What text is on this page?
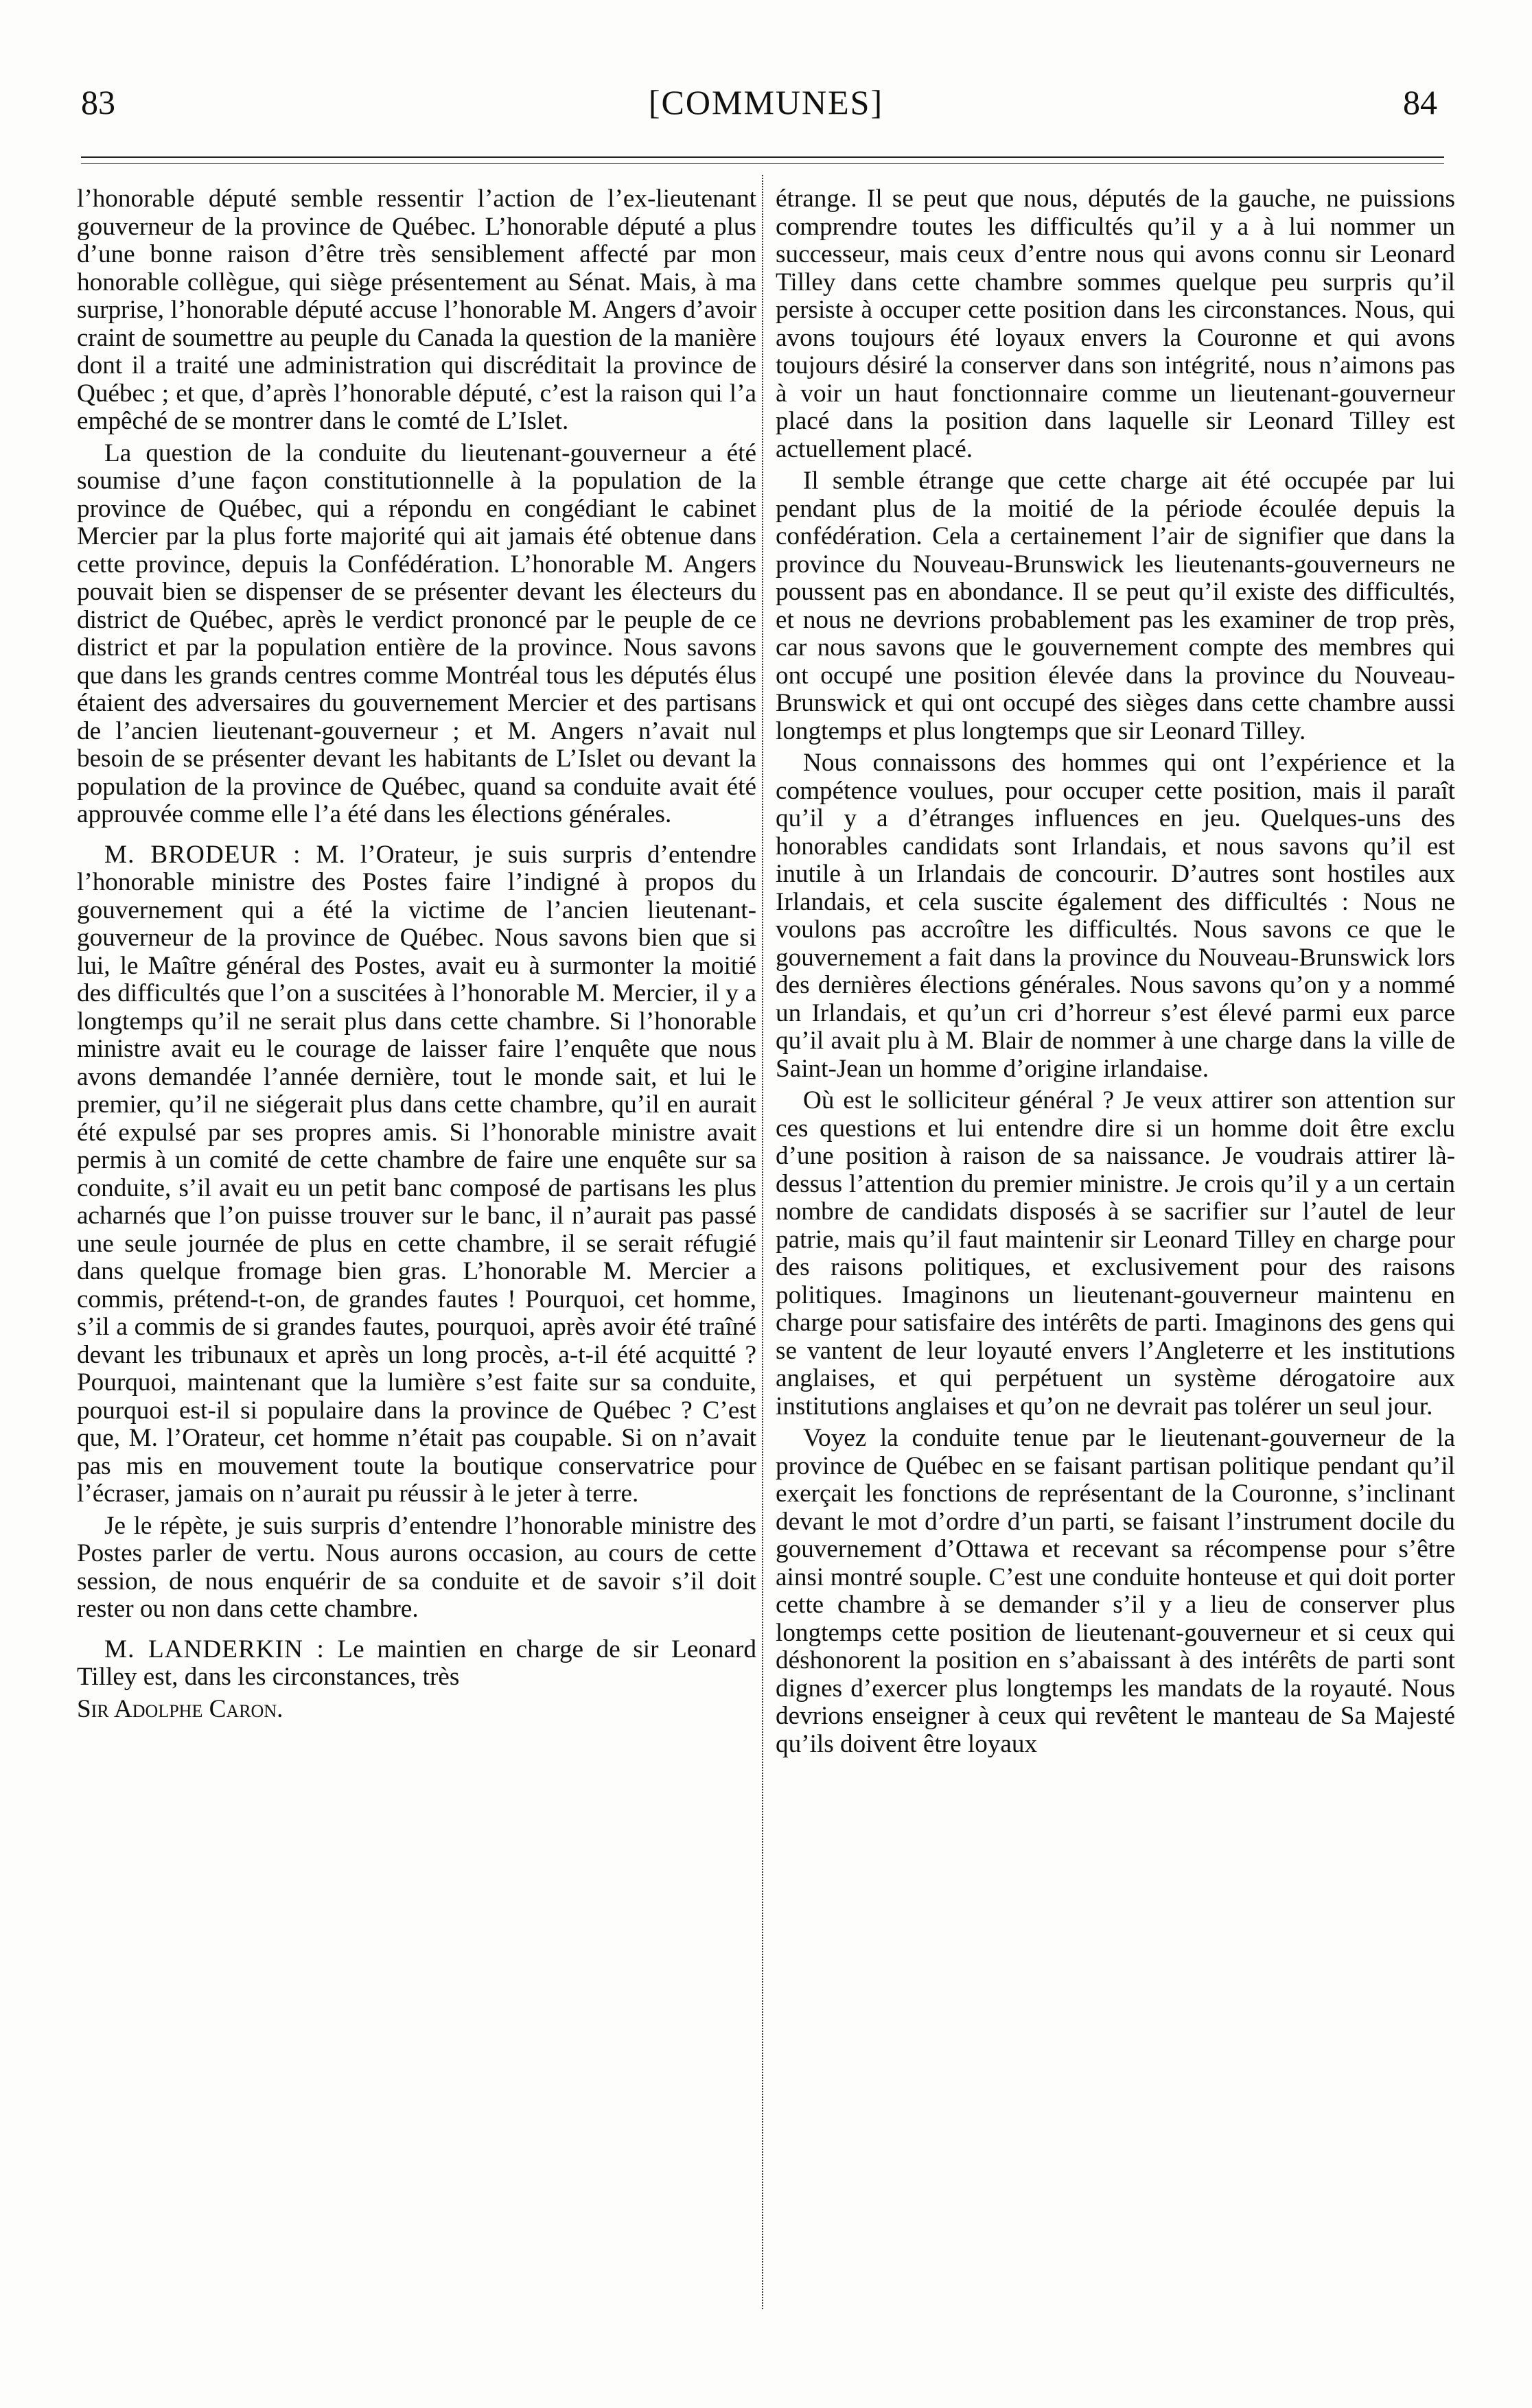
83	[COMMUNES]	84

l’honorable député semble ressentir l’action de l’ex-lieutenant gouverneur de la province de Québec. L’honorable député a plus d’une bonne raison d’être très sensiblement affecté par mon honorable collègue, qui siège présentement au Sénat. Mais, à ma surprise, l’honorable député accuse l’honorable M. Angers d’avoir craint de soumettre au peuple du Canada la question de la manière dont il a traité une administration qui discréditait la province de Québec ; et que, d’après l’honorable député, c’est la raison qui l’a empêché de se montrer dans le comté de L’Islet.

La question de la conduite du lieutenant-gouverneur a été soumise d’une façon constitutionnelle à la population de la province de Québec, qui a répondu en congédiant le cabinet Mercier par la plus forte majorité qui ait jamais été obtenue dans cette province, depuis la Confédération. L’honorable M. Angers pouvait bien se dispenser de se présenter devant les électeurs du district de Québec, après le verdict prononcé par le peuple de ce district et par la population entière de la province. Nous savons que dans les grands centres comme Montréal tous les députés élus étaient des adversaires du gouvernement Mercier et des partisans de l’ancien lieutenant-gouverneur ; et M. Angers n’avait nul besoin de se présenter devant les habitants de L’Islet ou devant la population de la province de Québec, quand sa conduite avait été approuvée comme elle l’a été dans les élections générales.

M. BRODEUR : M. l’Orateur, je suis surpris d’entendre l’honorable ministre des Postes faire l’indigné à propos du gouvernement qui a été la victime de l’ancien lieutenant-gouverneur de la province de Québec. Nous savons bien que si lui, le Maître général des Postes, avait eu à surmonter la moitié des difficultés que l’on a suscitées à l’honorable M. Mercier, il y a longtemps qu’il ne serait plus dans cette chambre. Si l’honorable ministre avait eu le courage de laisser faire l’enquête que nous avons demandée l’année dernière, tout le monde sait, et lui le premier, qu’il ne siégerait plus dans cette chambre, qu’il en aurait été expulsé par ses propres amis. Si l’honorable ministre avait permis à un comité de cette chambre de faire une enquête sur sa conduite, s’il avait eu un petit banc composé de partisans les plus acharnés que l’on puisse trouver sur le banc, il n’aurait pas passé une seule journée de plus en cette chambre, il se serait réfugié dans quelque fromage bien gras. L’honorable M. Mercier a commis, prétend-t-on, de grandes fautes ! Pourquoi, cet homme, s’il a commis de si grandes fautes, pourquoi, après avoir été traîné devant les tribunaux et après un long procès, a-t-il été acquitté ? Pourquoi, maintenant que la lumière s’est faite sur sa conduite, pourquoi est-il si populaire dans la province de Québec ? C’est que, M. l’Orateur, cet homme n’était pas coupable. Si on n’avait pas mis en mouvement toute la boutique conservatrice pour l’écraser, jamais on n’aurait pu réussir à le jeter à terre.

Je le répète, je suis surpris d’entendre l’honorable ministre des Postes parler de vertu. Nous aurons occasion, au cours de cette session, de nous enquérir de sa conduite et de savoir s’il doit rester ou non dans cette chambre.

M. LANDERKIN : Le maintien en charge de sir Leonard Tilley est, dans les circonstances, très

Sir Adolphe Caron.

étrange. Il se peut que nous, députés de la gauche, ne puissions comprendre toutes les difficultés qu’il y a à lui nommer un successeur, mais ceux d’entre nous qui avons connu sir Leonard Tilley dans cette chambre sommes quelque peu surpris qu’il persiste à occuper cette position dans les circonstances. Nous, qui avons toujours été loyaux envers la Couronne et qui avons toujours désiré la conserver dans son intégrité, nous n’aimons pas à voir un haut fonctionnaire comme un lieutenant-gouverneur placé dans la position dans laquelle sir Leonard Tilley est actuellement placé.

Il semble étrange que cette charge ait été occupée par lui pendant plus de la moitié de la période écoulée depuis la confédération. Cela a certainement l’air de signifier que dans la province du Nouveau-Brunswick les lieutenants-gouverneurs ne poussent pas en abondance. Il se peut qu’il existe des difficultés, et nous ne devrions probablement pas les examiner de trop près, car nous savons que le gouvernement compte des membres qui ont occupé une position élevée dans la province du Nouveau-Brunswick et qui ont occupé des sièges dans cette chambre aussi longtemps et plus longtemps que sir Leonard Tilley.

Nous connaissons des hommes qui ont l’expérience et la compétence voulues, pour occuper cette position, mais il paraît qu’il y a d’étranges influences en jeu. Quelques-uns des honorables candidats sont Irlandais, et nous savons qu’il est inutile à un Irlandais de concourir. D’autres sont hostiles aux Irlandais, et cela suscite également des difficultés : Nous ne voulons pas accroître les difficultés. Nous savons ce que le gouvernement a fait dans la province du Nouveau-Brunswick lors des dernières élections générales. Nous savons qu’on y a nommé un Irlandais, et qu’un cri d’horreur s’est élevé parmi eux parce qu’il avait plu à M. Blair de nommer à une charge dans la ville de Saint-Jean un homme d’origine irlandaise.

Où est le solliciteur général ? Je veux attirer son attention sur ces questions et lui entendre dire si un homme doit être exclu d’une position à raison de sa naissance. Je voudrais attirer là-dessus l’attention du premier ministre. Je crois qu’il y a un certain nombre de candidats disposés à se sacrifier sur l’autel de leur patrie, mais qu’il faut maintenir sir Leonard Tilley en charge pour des raisons politiques, et exclusivement pour des raisons politiques. Imaginons un lieutenant-gouverneur maintenu en charge pour satisfaire des intérêts de parti. Imaginons des gens qui se vantent de leur loyauté envers l’Angleterre et les institutions anglaises, et qui perpétuent un système dérogatoire aux institutions anglaises et qu’on ne devrait pas tolérer un seul jour.

Voyez la conduite tenue par le lieutenant-gouverneur de la province de Québec en se faisant partisan politique pendant qu’il exerçait les fonctions de représentant de la Couronne, s’inclinant devant le mot d’ordre d’un parti, se faisant l’instrument docile du gouvernement d’Ottawa et recevant sa récompense pour s’être ainsi montré souple. C’est une conduite honteuse et qui doit porter cette chambre à se demander s’il y a lieu de conserver plus longtemps cette position de lieutenant-gouverneur et si ceux qui déshonorent la position en s’abaissant à des intérêts de parti sont dignes d’exercer plus longtemps les mandats de la royauté. Nous devrions enseigner à ceux qui revêtent le manteau de Sa Majesté qu’ils doivent être loyaux
